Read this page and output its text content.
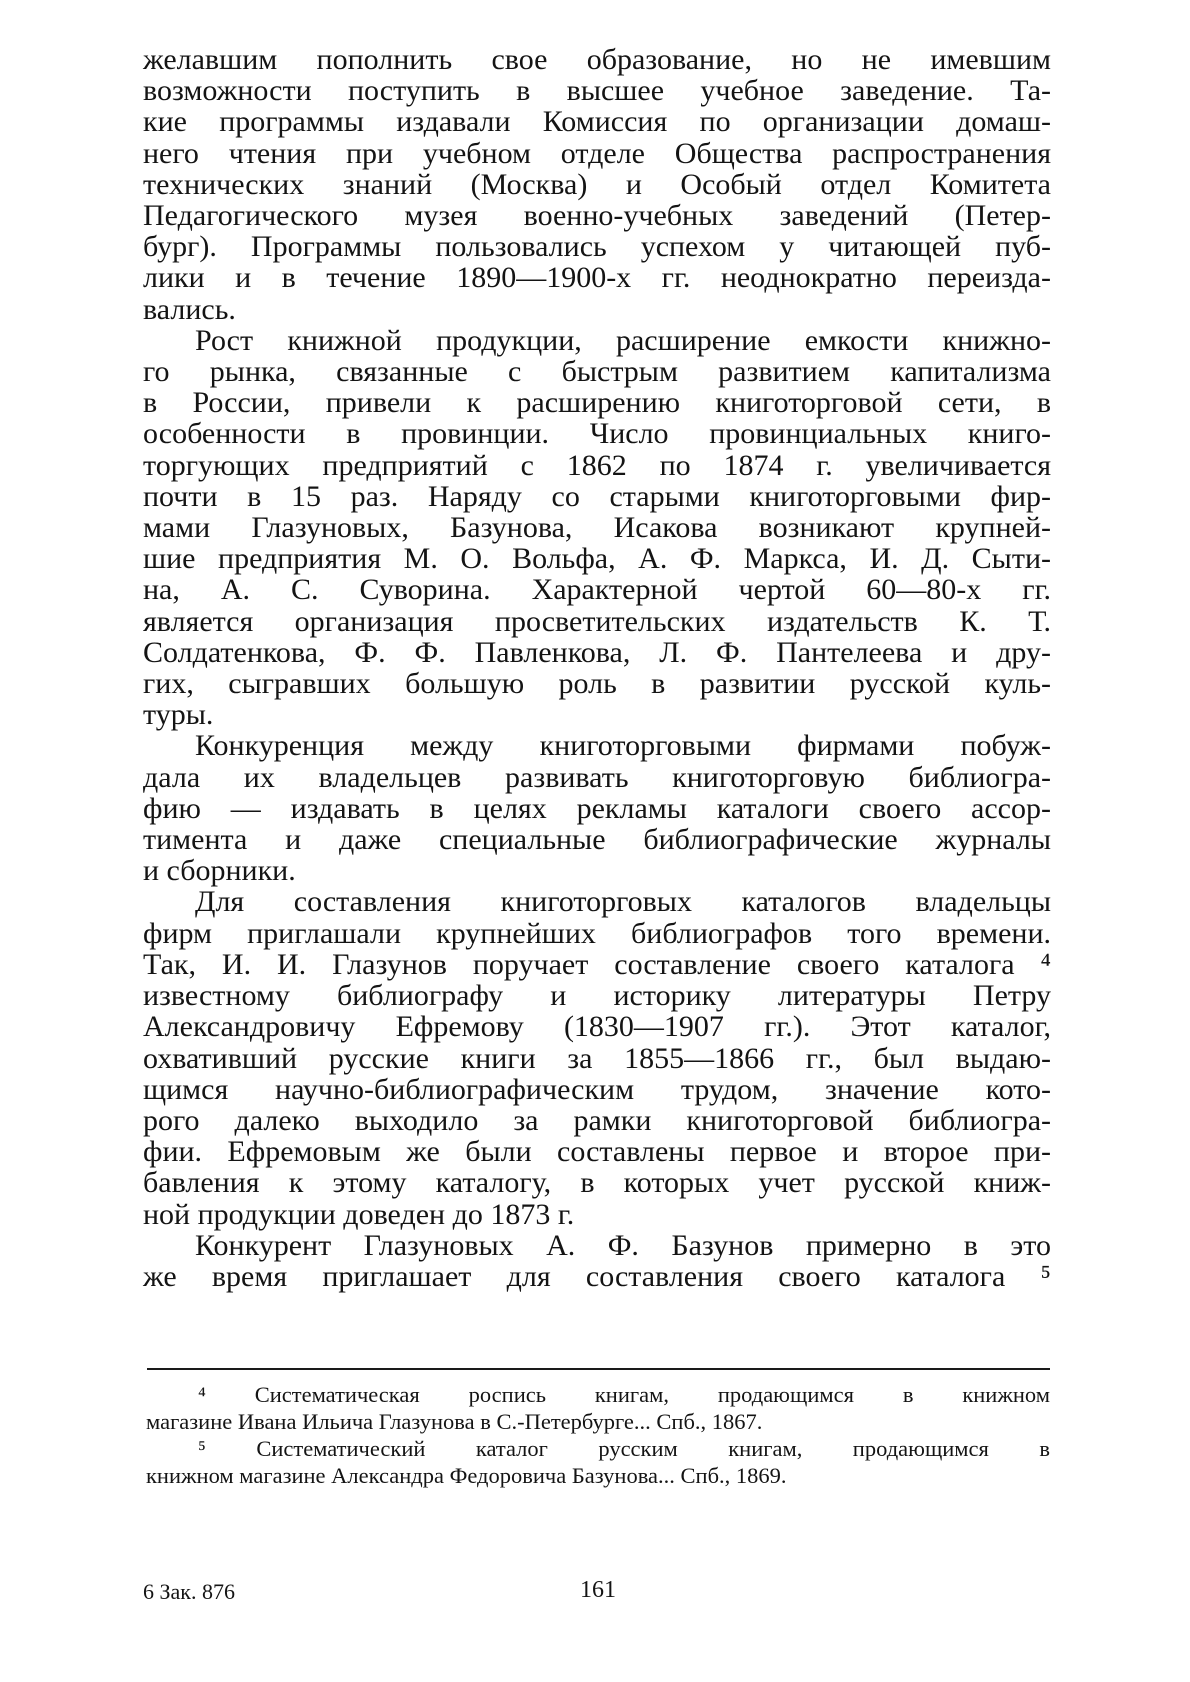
желавшим пополнить свое образование, но не имевшим
возможности поступить в высшее учебное заведение. Та-
кие программы издавали Комиссия по организации домаш-
него чтения при учебном отделе Общества распространения
технических знаний (Москва) и Особый отдел Комитета
Педагогического музея военно-учебных заведений (Петер-
бург). Программы пользовались успехом у читающей пуб-
лики и в течение 1890—1900-х гг. неоднократно переизда-
вались.
Рост книжной продукции, расширение емкости книжно-
го рынка, связанные с быстрым развитием капитализма
в России, привели к расширению книготорговой сети, в
особенности в провинции. Число провинциальных книго-
торгующих предприятий с 1862 по 1874 г. увеличивается
почти в 15 раз. Наряду со старыми книготорговыми фир-
мами Глазуновых, Базунова, Исакова возникают крупней-
шие предприятия М. О. Вольфа, А. Ф. Маркса, И. Д. Сыти-
на, А. С. Суворина. Характерной чертой 60—80-х гг.
является организация просветительских издательств К. Т.
Солдатенкова, Ф. Ф. Павленкова, Л. Ф. Пантелеева и дру-
гих, сыгравших большую роль в развитии русской куль-
туры.
Конкуренция между книготорговыми фирмами побуж-
дала их владельцев развивать книготорговую библиогра-
фию — издавать в целях рекламы каталоги своего ассор-
тимента и даже специальные библиографические журналы
и сборники.
Для составления книготорговых каталогов владельцы
фирм приглашали крупнейших библиографов того времени.
Так, И. И. Глазунов поручает составление своего каталога ⁴
известному библиографу и историку литературы Петру
Александровичу Ефремову (1830—1907 гг.). Этот каталог,
охвативший русские книги за 1855—1866 гг., был выдаю-
щимся научно-библиографическим трудом, значение кото-
рого далеко выходило за рамки книготорговой библиогра-
фии. Ефремовым же были составлены первое и второе при-
бавления к этому каталогу, в которых учет русской книж-
ной продукции доведен до 1873 г.
Конкурент Глазуновых А. Ф. Базунов примерно в это
же время приглашает для составления своего каталога ⁵
⁴ Систематическая роспись книгам, продающимся в книжном
магазине Ивана Ильича Глазунова в С.-Петербурге... Спб., 1867.
⁵ Систематический каталог русским книгам, продающимся в
книжном магазине Александра Федоровича Базунова... Спб., 1869.
6 Зак. 876	161
